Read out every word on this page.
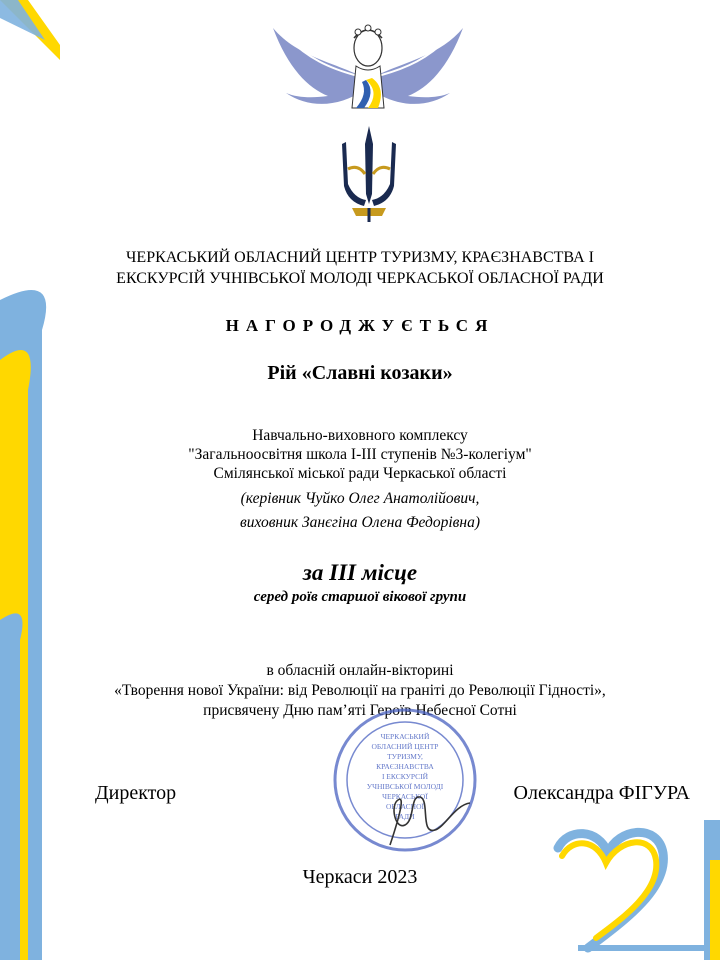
ЧЕРКАСЬКИЙ ОБЛАСНИЙ ЦЕНТР ТУРИЗМУ, КРАЄЗНАВСТВА І
ЕКСКУРСІЙ УЧНІВСЬКОЇ МОЛОДІ ЧЕРКАСЬКОЇ ОБЛАСНОЇ РАДИ
НАГОРОДЖУЄТЬСЯ
Рій «Славні козаки»
Навчально-виховного комплексу
"Загальноосвітня школа І-ІІІ ступенів №3-колегіум"
Смілянської міської ради Черкаської області
(керівник Чуйко Олег Анатолійович,
виховник Занєгіна Олена Федорівна)
за ІІІ місце
серед роїв старшої вікової групи
в обласній онлайн-вікторині
«Творення нової України: від Революції на граніті до Революції Гідності»,
присвячену Дню пам’яті Героїв Небесної Сотні
ЧЕРКАСЬКИЙ
ОБЛАСНИЙ ЦЕНТР
ТУРИЗМУ,
КРАЄЗНАВСТВА
І ЕКСКУРСІЙ
УЧНІВСЬКОЇ МОЛОДІ
ЧЕРКАСЬКОЇ
ОБЛАСНОЇ
РАДИ
Директор	Олександра ФІГУРА
Черкаси 2023
